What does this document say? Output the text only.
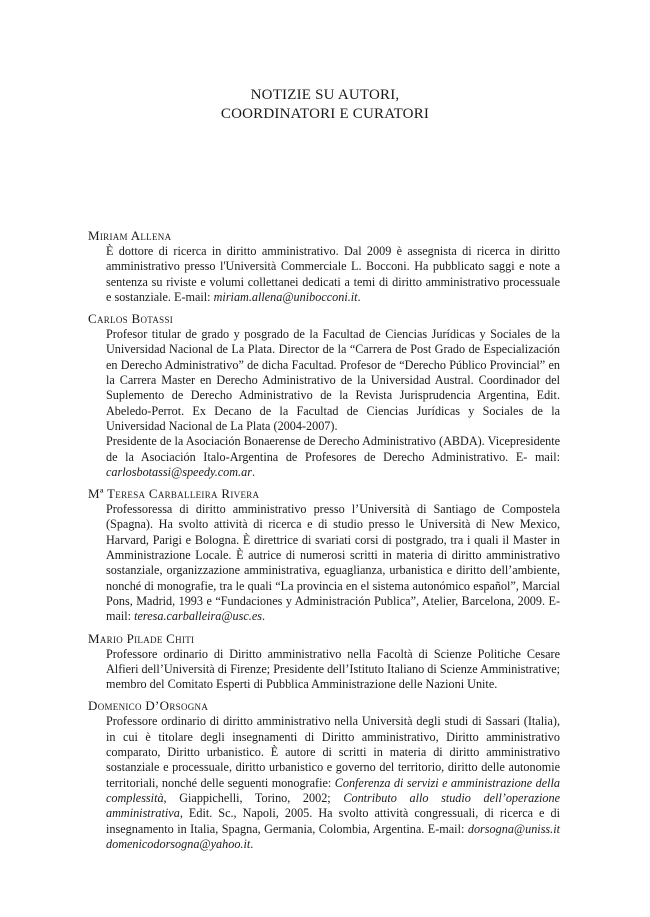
NOTIZIE SU AUTORI,
COORDINATORI E CURATORI
Miriam Allena

È dottore di ricerca in diritto amministrativo. Dal 2009 è assegnista di ricerca in diritto amministrativo presso l'Università Commerciale L. Bocconi. Ha pubblicato saggi e note a sentenza su riviste e volumi collettanei dedicati a temi di diritto amministrativo processuale e sostanziale. E-mail: miriam.allena@unibocconi.it.

Carlos Botassi

Profesor titular de grado y posgrado de la Facultad de Ciencias Jurídicas y Sociales de la Universidad Nacional de La Plata. Director de la “Carrera de Post Grado de Especialización en Derecho Administrativo” de dicha Facultad. Profesor de “Derecho Público Provincial” en la Carrera Master en Derecho Administrativo de la Universidad Austral. Coordinador del Suplemento de Derecho Administrativo de la Revista Jurisprudencia Argentina, Edit. Abeledo-Perrot. Ex Decano de la Facultad de Ciencias Jurídicas y Sociales de la Universidad Nacional de La Plata (2004-2007).

Presidente de la Asociación Bonaerense de Derecho Administrativo (ABDA). Vicepresidente de la Asociación Italo-Argentina de Profesores de Derecho Administrativo. E- mail: carlosbotassi@speedy.com.ar.

Mª Teresa Carballeira Rivera

Professoressa di diritto amministrativo presso l’Università di Santiago de Compostela (Spagna). Ha svolto attività di ricerca e di studio presso le Università di New Mexico, Harvard, Parigi e Bologna. È direttrice di svariati corsi di postgrado, tra i quali il Master in Amministrazione Locale. È autrice di numerosi scritti in materia di diritto amministrativo sostanziale, organizzazione amministrativa, eguaglianza, urbanistica e diritto dell’ambiente, nonché di monografie, tra le quali “La provincia en el sistema autonómico español”, Marcial Pons, Madrid, 1993 e “Fundaciones y Administración Publica”, Atelier, Barcelona, 2009. E- mail: teresa.carballeira@usc.es.

Mario Pilade Chiti

Professore ordinario di Diritto amministrativo nella Facoltà di Scienze Politiche Cesare Alfieri dell’Università di Firenze; Presidente dell’Istituto Italiano di Scienze Amministrative; membro del Comitato Esperti di Pubblica Amministrazione delle Nazioni Unite.

Domenico D’Orsogna

Professore ordinario di diritto amministrativo nella Università degli studi di Sassari (Italia), in cui è titolare degli insegnamenti di Diritto amministrativo, Diritto amministrativo comparato, Diritto urbanistico. È autore di scritti in materia di diritto amministrativo sostanziale e processuale, diritto urbanistico e governo del territorio, diritto delle autonomie territoriali, nonché delle seguenti monografie: Conferenza di servizi e amministrazione della complessità, Giappichelli, Torino, 2002; Contributo allo studio dell’operazione amministrativa, Edit. Sc., Napoli, 2005. Ha svolto attività congressuali, di ricerca e di insegnamento in Italia, Spagna, Germania, Colombia, Argentina. E-mail: dorsogna@uniss.it domenicodorsogna@yahoo.it.
